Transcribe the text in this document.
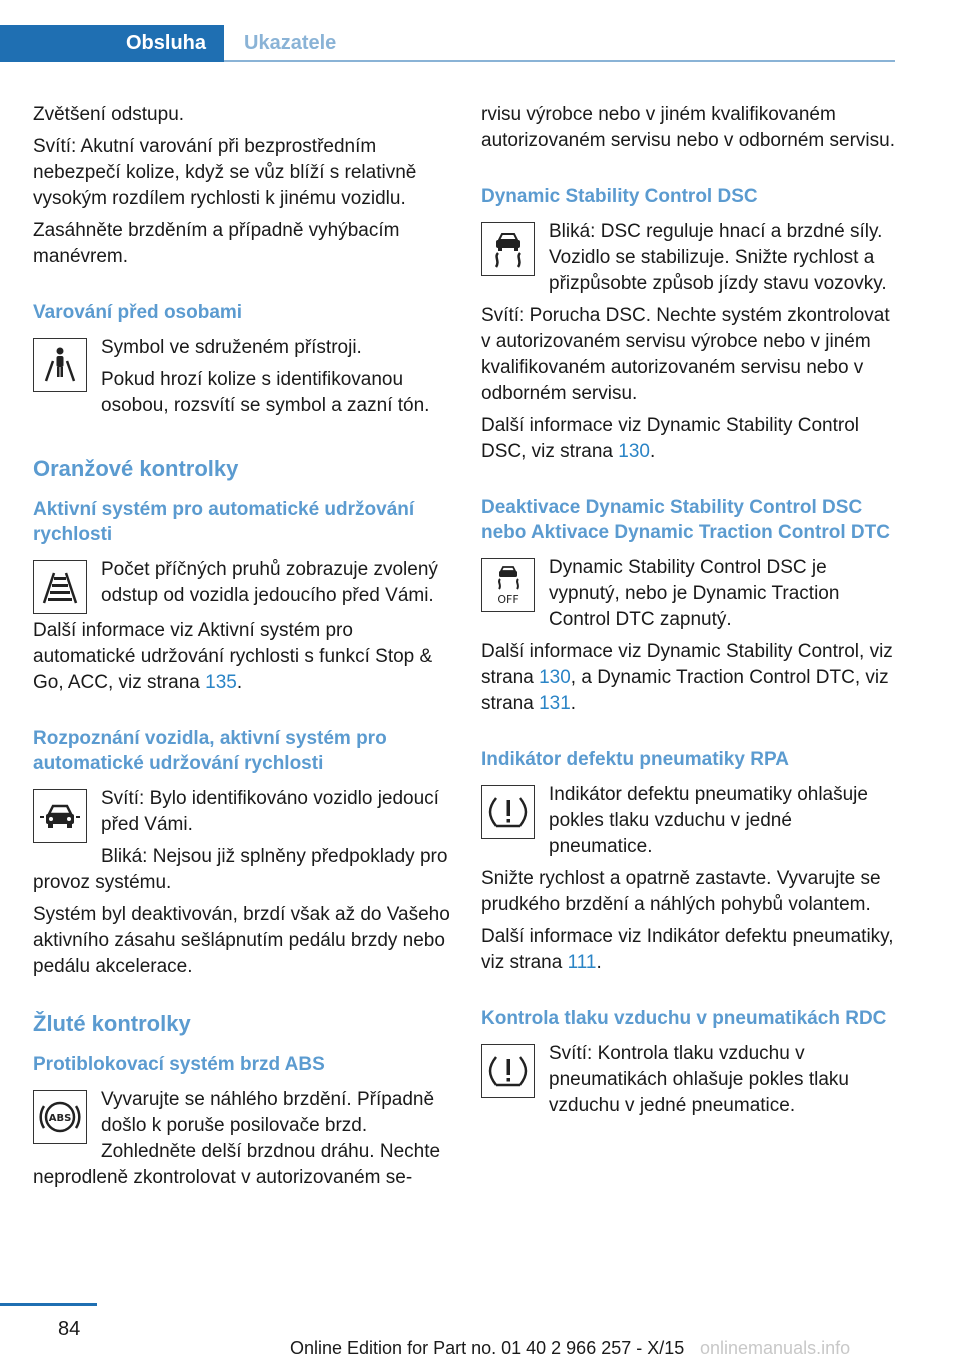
Obsluha	Ukazatele

Zvětšení odstupu.

Svítí: Akutní varování při bezprostředním nebezpečí kolize, když se vůz blíží s relativně vysokým rozdílem rychlosti k jinému vozidlu.

Zasáhněte brzděním a případně vyhýbacím manévrem.

Varování před osobami

Symbol ve sdruženém přístroji.

Pokud hrozí kolize s identifikovanou osobou, rozsvítí se symbol a zazní tón.

Oranžové kontrolky
Aktivní systém pro automatické udržování rychlosti

Počet příčných pruhů zobrazuje zvolený odstup od vozidla jedoucího před Vámi.

Další informace viz Aktivní systém pro automatické udržování rychlosti s funkcí Stop & Go, ACC, viz strana 135.

Rozpoznání vozidla, aktivní systém pro automatické udržování rychlosti

Svítí: Bylo identifikováno vozidlo jedoucí před Vámi.

Bliká: Nejsou již splněny předpoklady pro provoz systému.

Systém byl deaktivován, brzdí však až do Vašeho aktivního zásahu sešlápnutím pedálu brzdy nebo pedálu akcelerace.

Žluté kontrolky
Protiblokovací systém brzd ABS
ABS

Vyvarujte se náhlého brzdění. Případně došlo k poruše posilovače brzd. Zohledněte delší brzdnou dráhu. Nechte neprodleně zkontrolovat v autorizovaném se-

rvisu výrobce nebo v jiném kvalifikovaném autorizovaném servisu nebo v odborném servisu.

Dynamic Stability Control DSC

Bliká: DSC reguluje hnací a brzdné síly. Vozidlo se stabilizuje. Snižte rychlost a přizpůsobte způsob jízdy stavu vozovky.

Svítí: Porucha DSC. Nechte systém zkontrolovat v autorizovaném servisu výrobce nebo v jiném kvalifikovaném autorizovaném servisu nebo v odborném servisu.

Další informace viz Dynamic Stability Control DSC, viz strana 130.

Deaktivace Dynamic Stability Control DSC nebo Aktivace Dynamic Traction Control DTC
OFF

Dynamic Stability Control DSC je vypnutý, nebo je Dynamic Traction Control DTC zapnutý.

Další informace viz Dynamic Stability Control, viz strana 130, a Dynamic Traction Control DTC, viz strana 131.

Indikátor defektu pneumatiky RPA

Indikátor defektu pneumatiky ohlašuje pokles tlaku vzduchu v jedné pneumatice.

Snižte rychlost a opatrně zastavte. Vyvarujte se prudkého brzdění a náhlých pohybů volantem.

Další informace viz Indikátor defektu pneumatiky, viz strana 111.

Kontrola tlaku vzduchu v pneumatikách RDC

Svítí: Kontrola tlaku vzduchu v pneumatikách ohlašuje pokles tlaku vzduchu v jedné pneumatice.

84
Online Edition for Part no. 01 40 2 966 257 - X/15 onlinemanuals.info
